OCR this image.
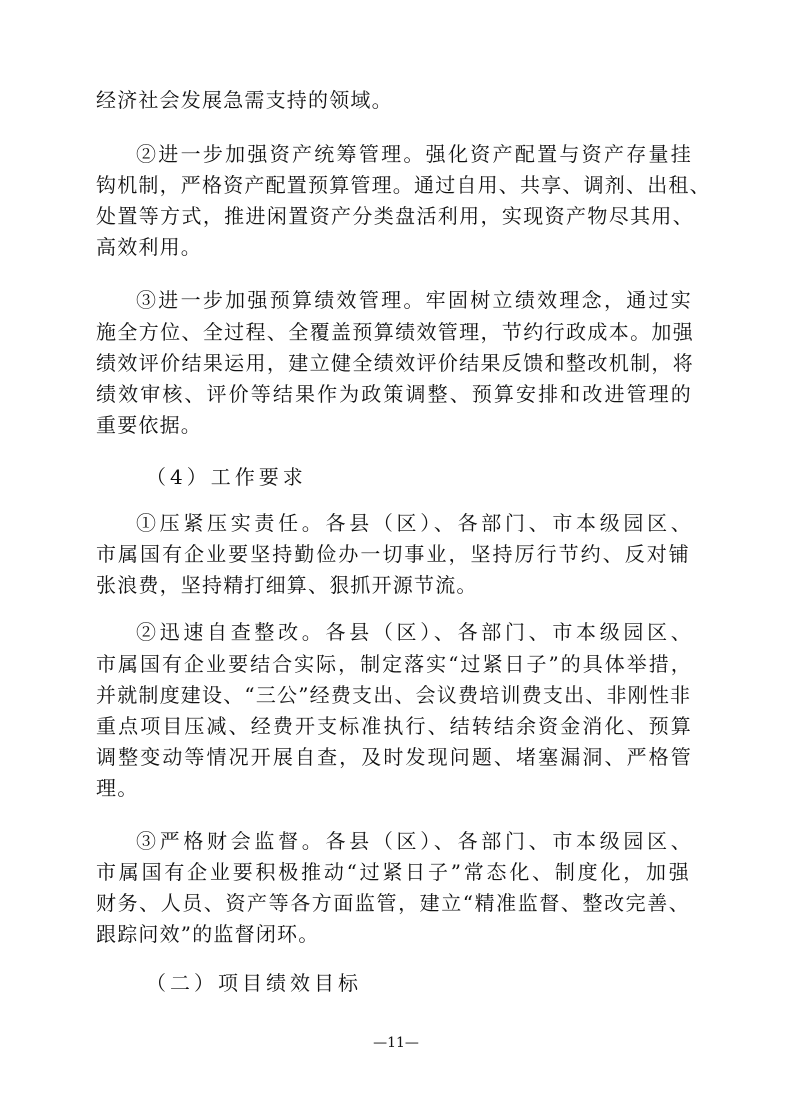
经济社会发展急需支持的领域。
②进一步加强资产统筹管理。强化资产配置与资产存量挂
钩机制，严格资产配置预算管理。通过自用、共享、调剂、出租、
处置等方式，推进闲置资产分类盘活利用，实现资产物尽其用、
高效利用。
③进一步加强预算绩效管理。牢固树立绩效理念，通过实
施全方位、全过程、全覆盖预算绩效管理，节约行政成本。加强
绩效评价结果运用，建立健全绩效评价结果反馈和整改机制，将
绩效审核、评价等结果作为政策调整、预算安排和改进管理的
重要依据。
（4）工作要求
①压紧压实责任。各县（区）、各部门、市本级园区、
市属国有企业要坚持勤俭办一切事业，坚持厉行节约、反对铺
张浪费，坚持精打细算、狠抓开源节流。
②迅速自查整改。各县（区）、各部门、市本级园区、
市属国有企业要结合实际，制定落实“过紧日子”的具体举措，
并就制度建设、“三公”经费支出、会议费培训费支出、非刚性非
重点项目压减、经费开支标准执行、结转结余资金消化、预算
调整变动等情况开展自查，及时发现问题、堵塞漏洞、严格管
理。
③严格财会监督。各县（区）、各部门、市本级园区、
市属国有企业要积极推动“过紧日子”常态化、制度化，加强
财务、人员、资产等各方面监管，建立“精准监督、整改完善、
跟踪问效”的监督闭环。
（二）项目绩效目标
—11—
